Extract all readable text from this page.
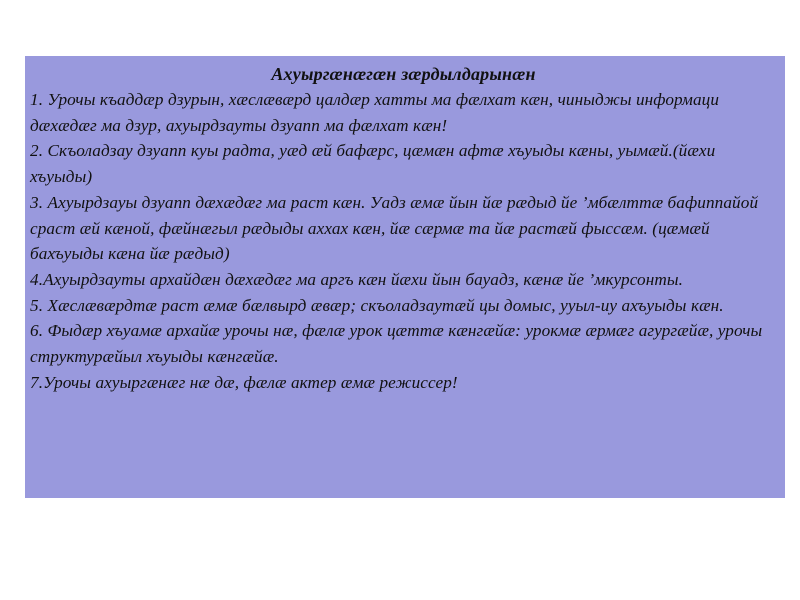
Ахуыргæнæгæн зæрдылдарынæн

1. Урочы къаддæр дзурын, хæслæвæрд цалдæр хатты ма фæлхат кæн, чиныджы информаци дæхæдæг ма дзур, ахуырдзауты дзуапп ма фæлхат кæн!

2. Скъоладзау дзуапп куы радта, уæд æй бафæрс, цæмæн афтæ хъуыды кæны, уымæй.(йæхи хъуыды)

3. Ахуырдзауы дзуапп дæхæдæг ма раст кæн. Уадз æмæ йын йæ рæдыд йе ’мбæлттæ бафиппайой сраст æй кæной, фæйнæгыл рæдыды аххах кæн, йæ сæрмæ та йæ растæй фыссæм. (цæмæй бахъуыды кæна йæ рæдыд)

4.Ахуырдзауты архайдæн дæхæдæг ма аргъ кæн йæхи йын бауадз, кæнæ йе ’мкурсонты.

5. Хæслæвæрдтæ раст æмæ бæлвырд æвæр; скъоладзаутæй цы домыс, ууыл-иу ахъуыды кæн.

6. Фыдæр хъуамæ архайæ урочы нæ, фæлæ урок цæттæ кæнгæйæ: урокмæ æрмæг агургæйæ, урочы структурæйыл хъуыды кæнгæйæ.

7.Урочы ахуыргæнæг нæ дæ, фæлæ актер æмæ режиссер!
